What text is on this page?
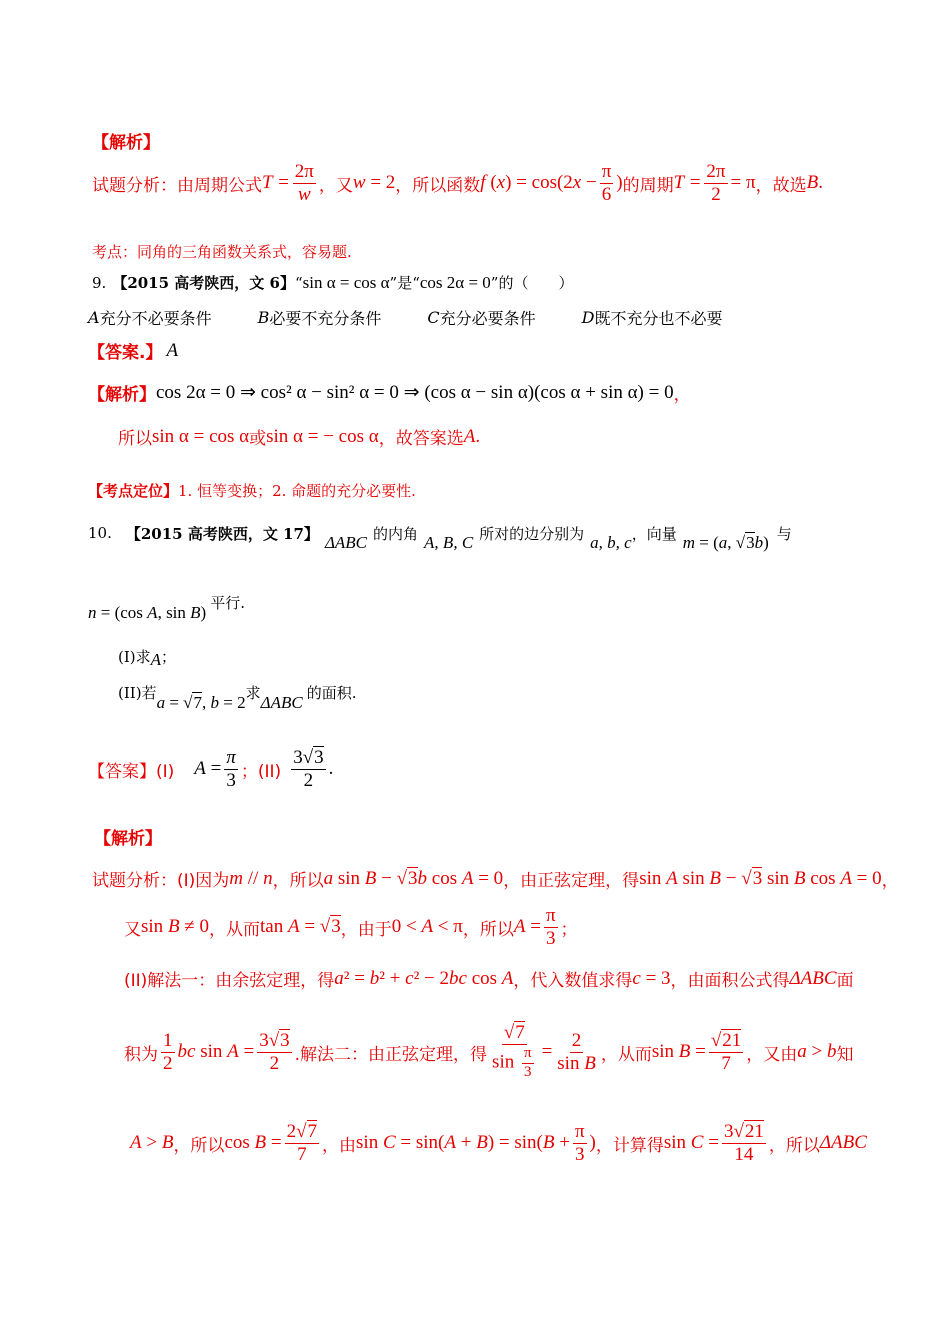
【解析】
试题分析：由周期公式 $T = \frac{2\pi}{w}$ ，又 w = 2 ，所以函数 f $(x) = \cos(2x - \frac{\pi}{6}$ ) 的周期 $T = \frac{2\pi}{2} = \pi$ ，故选 B .
考点：同角的三角函数关系式，容易题.
9. 【2015 高考陕西，文 6】 “ sin α = cos α ”是“ cos 2α = 0 ”的（　　）
A 充分不必要条件	B 必要不充分条件	C 充分必要条件	D 既不充分也不必要
【答案.】 A
【解析】 cos 2α = 0 ⇒ cos² α − sin² α = 0 ⇒ (cos α − sin α)(cos α + sin α) = 0 ，
所以 sin α = cos α 或 sin α = − cos α ，故答案选 A .
【考点定位】 1. 恒等变换；2. 命题的充分必要性.
10. 【2015 高考陕西，文 17】 ΔABC 的内角 A, B, C 所对的边分别为 a, b, c ，向量 m = (a, √3b) 与
n = (cos A, sin B) 平行.
(I)求 A ；
(II)若 a = √7, b = 2 求 ΔABC 的面积.
【答案】(I) $A = \frac{\pi}{3}$ ；$(II) \frac{3√3}{2}$ .
【解析】
试题分析：(I)因为 m // n ，所以 a sin B − √3b cos A = 0 ，由正弦定理，得 sin A sin B − √3 sin B cos A = 0 ，
又 sin B ≠ 0 ，从而 tan A = √3 ，由于 0 < A < π ，所以 $A = \frac{\pi}{3}$ ；
(II)解法一：由余弦定理，得 a² = b² + c² − 2bc cos A ，代入数值求得 c = 3 ，由面积公式得 ΔABC 面
积为 $\frac{1}{2}$ bc $\sin A = \frac{3√3}{2}$ .解法二：由正弦定理，得 $\frac{√7}{\sin \frac{\pi}{3}} = \frac{2}{\text{sin B}}$ ，从而 $\sin B = \frac{√21}{7}$ ，又由 a > b 知
A > B ，所以 $\cos B = \frac{2√7}{7}$ ，由 $\sin C = \sin(A + B) = \sin(B + \frac{\pi}{3}$ ) ，计算得 $\sin C = \frac{3√21}{14}$ ，所以 ΔABC
